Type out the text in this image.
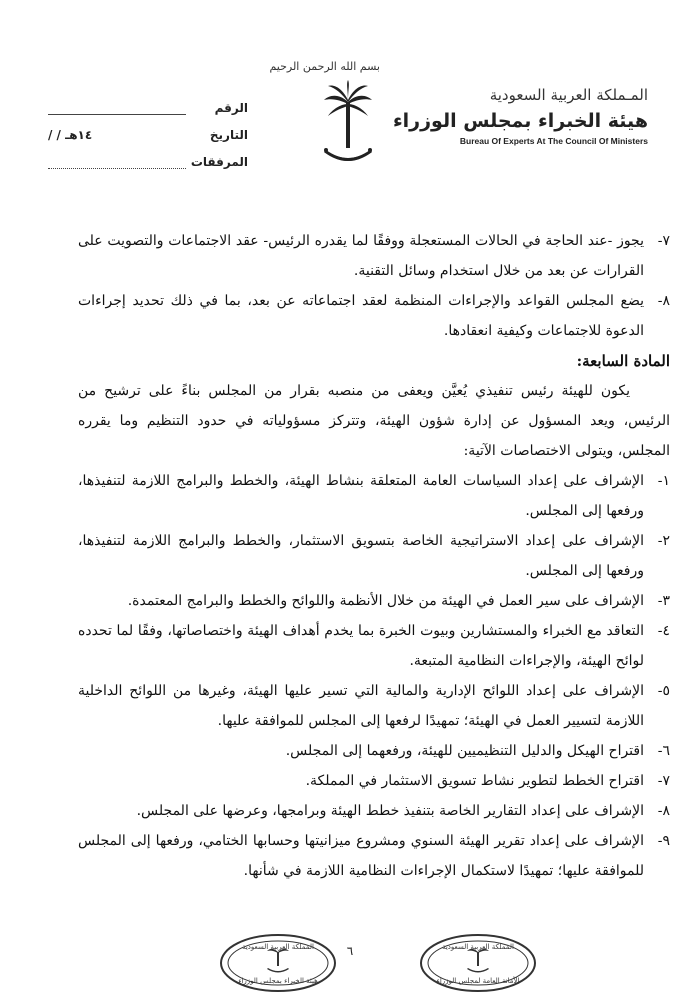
المـملكة العربية السعودية
هيئة الخبراء بمجلس الوزراء
Bureau Of Experts At The Council Of Ministers
بسم الله الرحمن الرحيم
الرقم
التاريخ
/ / ١٤هـ
المرفقات
٧-
يجوز -عند الحاجة في الحالات المستعجلة ووفقًا لما يقدره الرئيس- عقد الاجتماعات والتصويت على القرارات عن بعد من خلال استخدام وسائل التقنية.
٨-
يضع المجلس القواعد والإجراءات المنظمة لعقد اجتماعاته عن بعد، بما في ذلك تحديد إجراءات الدعوة للاجتماعات وكيفية انعقادها.
المادة السابعة:
يكون للهيئة رئيس تنفيذي يُعيَّن ويعفى من منصبه بقرار من المجلس بناءً على ترشيح من الرئيس، ويعد المسؤول عن إدارة شؤون الهيئة، وتتركز مسؤولياته في حدود التنظيم وما يقرره المجلس، ويتولى الاختصاصات الآتية:
١-
الإشراف على إعداد السياسات العامة المتعلقة بنشاط الهيئة، والخطط والبرامج اللازمة لتنفيذها، ورفعها إلى المجلس.
٢-
الإشراف على إعداد الاستراتيجية الخاصة بتسويق الاستثمار، والخطط والبرامج اللازمة لتنفيذها، ورفعها إلى المجلس.
٣-
الإشراف على سير العمل في الهيئة من خلال الأنظمة واللوائح والخطط والبرامج المعتمدة.
٤-
التعاقد مع الخبراء والمستشارين وبيوت الخبرة بما يخدم أهداف الهيئة واختصاصاتها، وفقًا لما تحدده لوائح الهيئة، والإجراءات النظامية المتبعة.
٥-
الإشراف على إعداد اللوائح الإدارية والمالية التي تسير عليها الهيئة، وغيرها من اللوائح الداخلية اللازمة لتسيير العمل في الهيئة؛ تمهيدًا لرفعها إلى المجلس للموافقة عليها.
٦-
اقتراح الهيكل والدليل التنظيميين للهيئة، ورفعهما إلى المجلس.
٧-
اقتراح الخطط لتطوير نشاط تسويق الاستثمار في المملكة.
٨-
الإشراف على إعداد التقارير الخاصة بتنفيذ خطط الهيئة وبرامجها، وعرضها على المجلس.
٩-
الإشراف على إعداد تقرير الهيئة السنوي ومشروع ميزانيتها وحسابها الختامي، ورفعها إلى المجلس للموافقة عليها؛ تمهيدًا لاستكمال الإجراءات النظامية اللازمة في شأنها.
المملكة العربية السعودية
هيئة الخبراء بمجلس الوزراء
٦	المملكة العربية السعودية
الأمانة العامة لمجلس الوزراء
